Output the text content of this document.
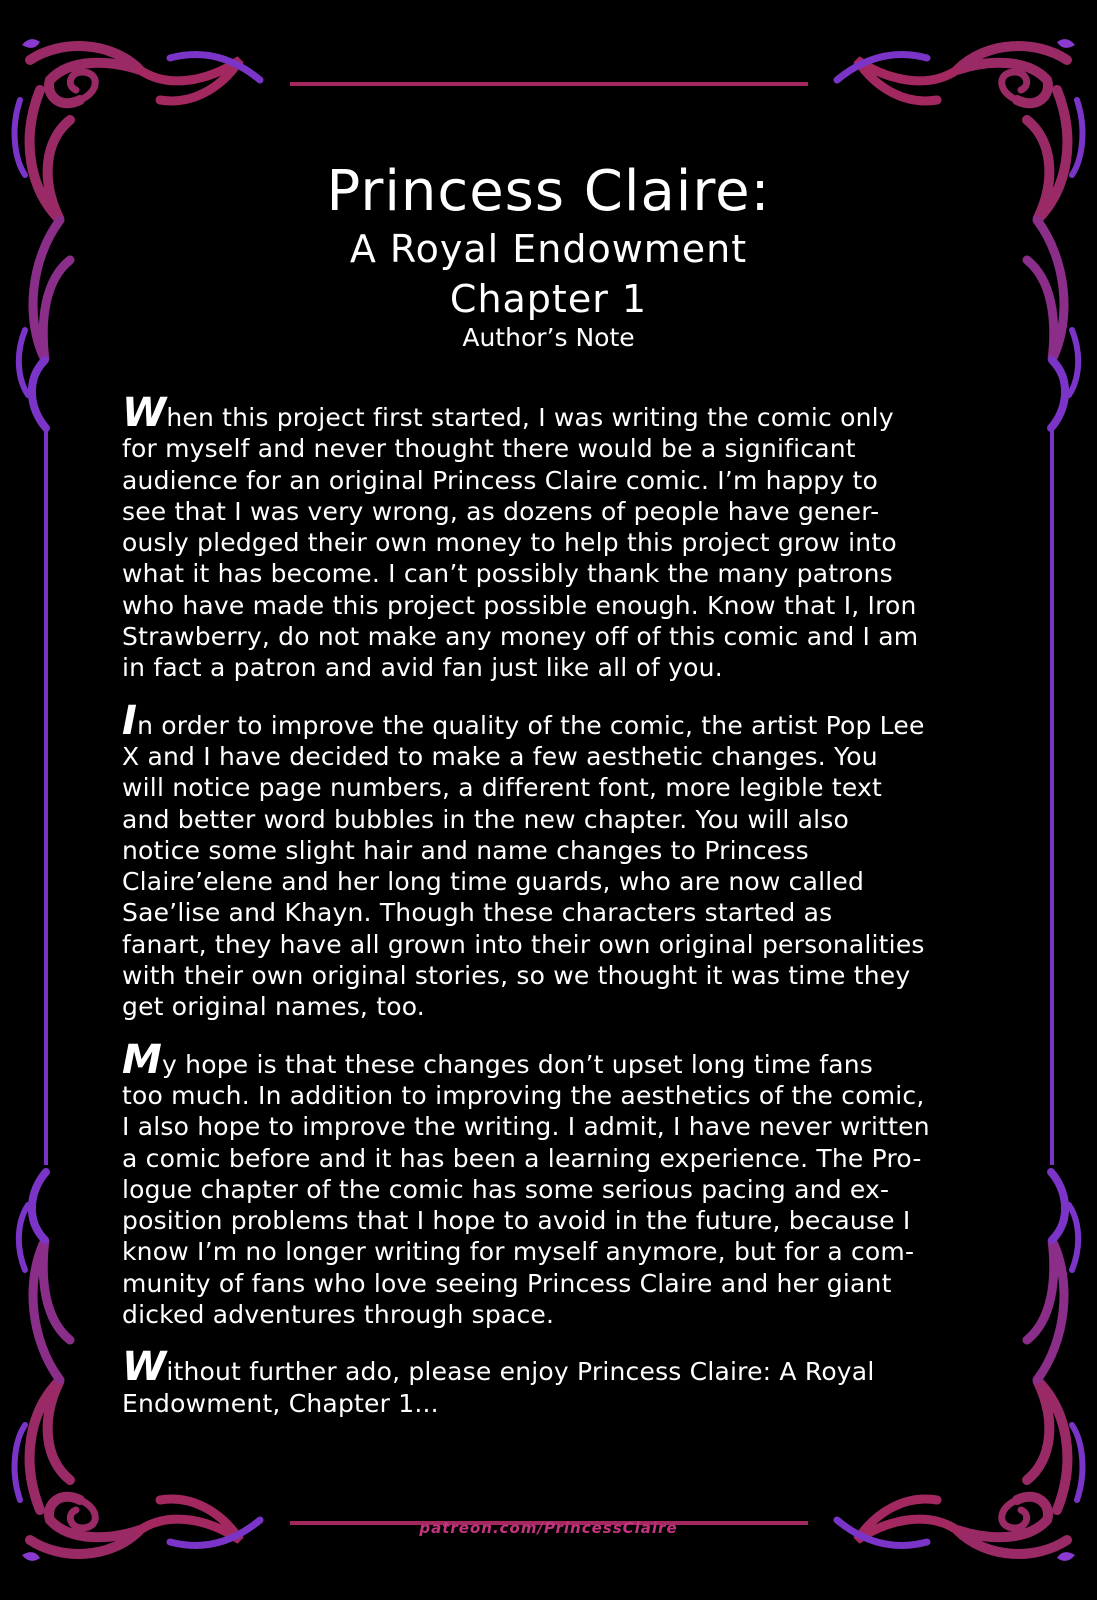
Princess Claire:
A Royal Endowment
Chapter 1
Author’s Note
When this project first started, I was writing the comic only
for myself and never thought there would be a significant
audience for an original Princess Claire comic. I’m happy to
see that I was very wrong, as dozens of people have gener-
ously pledged their own money to help this project grow into
what it has become. I can’t possibly thank the many patrons
who have made this project possible enough. Know that I, Iron
Strawberry, do not make any money off of this comic and I am
in fact a patron and avid fan just like all of you.
In order to improve the quality of the comic, the artist Pop Lee
X and I have decided to make a few aesthetic changes. You
will notice page numbers, a different font, more legible text
and better word bubbles in the new chapter. You will also
notice some slight hair and name changes to Princess
Claire’elene and her long time guards, who are now called
Sae’lise and Khayn. Though these characters started as
fanart, they have all grown into their own original personalities
with their own original stories, so we thought it was time they
get original names, too.
My hope is that these changes don’t upset long time fans
too much. In addition to improving the aesthetics of the comic,
I also hope to improve the writing. I admit, I have never written
a comic before and it has been a learning experience. The Pro-
logue chapter of the comic has some serious pacing and ex-
position problems that I hope to avoid in the future, because I
know I’m no longer writing for myself anymore, but for a com-
munity of fans who love seeing Princess Claire and her giant
dicked adventures through space.
Without further ado, please enjoy Princess Claire: A Royal
Endowment, Chapter 1...
patreon.com/PrincessClaire
